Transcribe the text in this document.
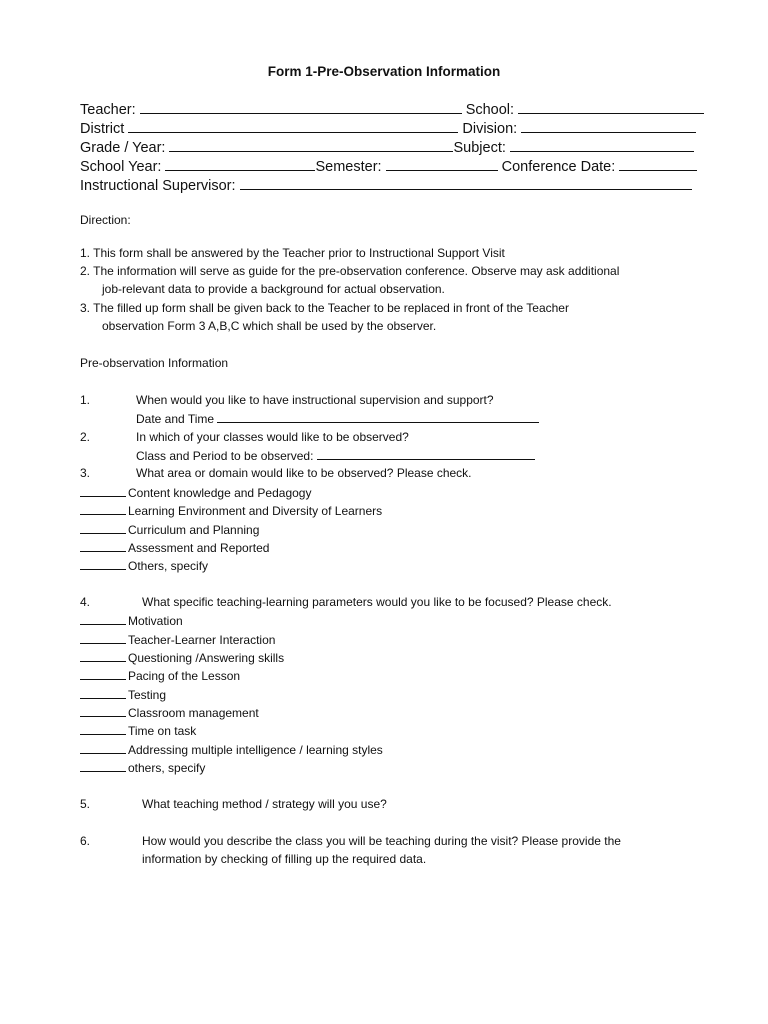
Form 1-Pre-Observation Information
Teacher:	School:
District	Division:
Grade / Year:	Subject:
School Year:	Semester:	Conference Date:
Instructional Supervisor:
Direction:
1. This form shall be answered by the Teacher prior to Instructional Support Visit
2. The information will serve as guide for the pre-observation conference. Observe may ask additional
job-relevant data to provide a background for actual observation.
3. The filled up form shall be given back to the Teacher to be replaced in front of the Teacher
observation Form 3 A,B,C which shall be used by the observer.
Pre-observation Information
1.	When would you like to have instructional supervision and support?
Date and Time
2.	In which of your classes would like to be observed?
Class and Period to be observed:
3.	What area or domain would like to be observed? Please check.
Content knowledge and Pedagogy
Learning Environment and Diversity of Learners
Curriculum and Planning
Assessment and Reported
Others, specify
4.	What specific teaching-learning parameters would you like to be focused? Please check.
Motivation
Teacher-Learner Interaction
Questioning /Answering skills
Pacing of the Lesson
Testing
Classroom management
Time on task
Addressing multiple intelligence / learning styles
others, specify
5.	What teaching method / strategy will you use?
6.	How would you describe the class you will be teaching during the visit? Please provide the
information by checking of filling up the required data.
